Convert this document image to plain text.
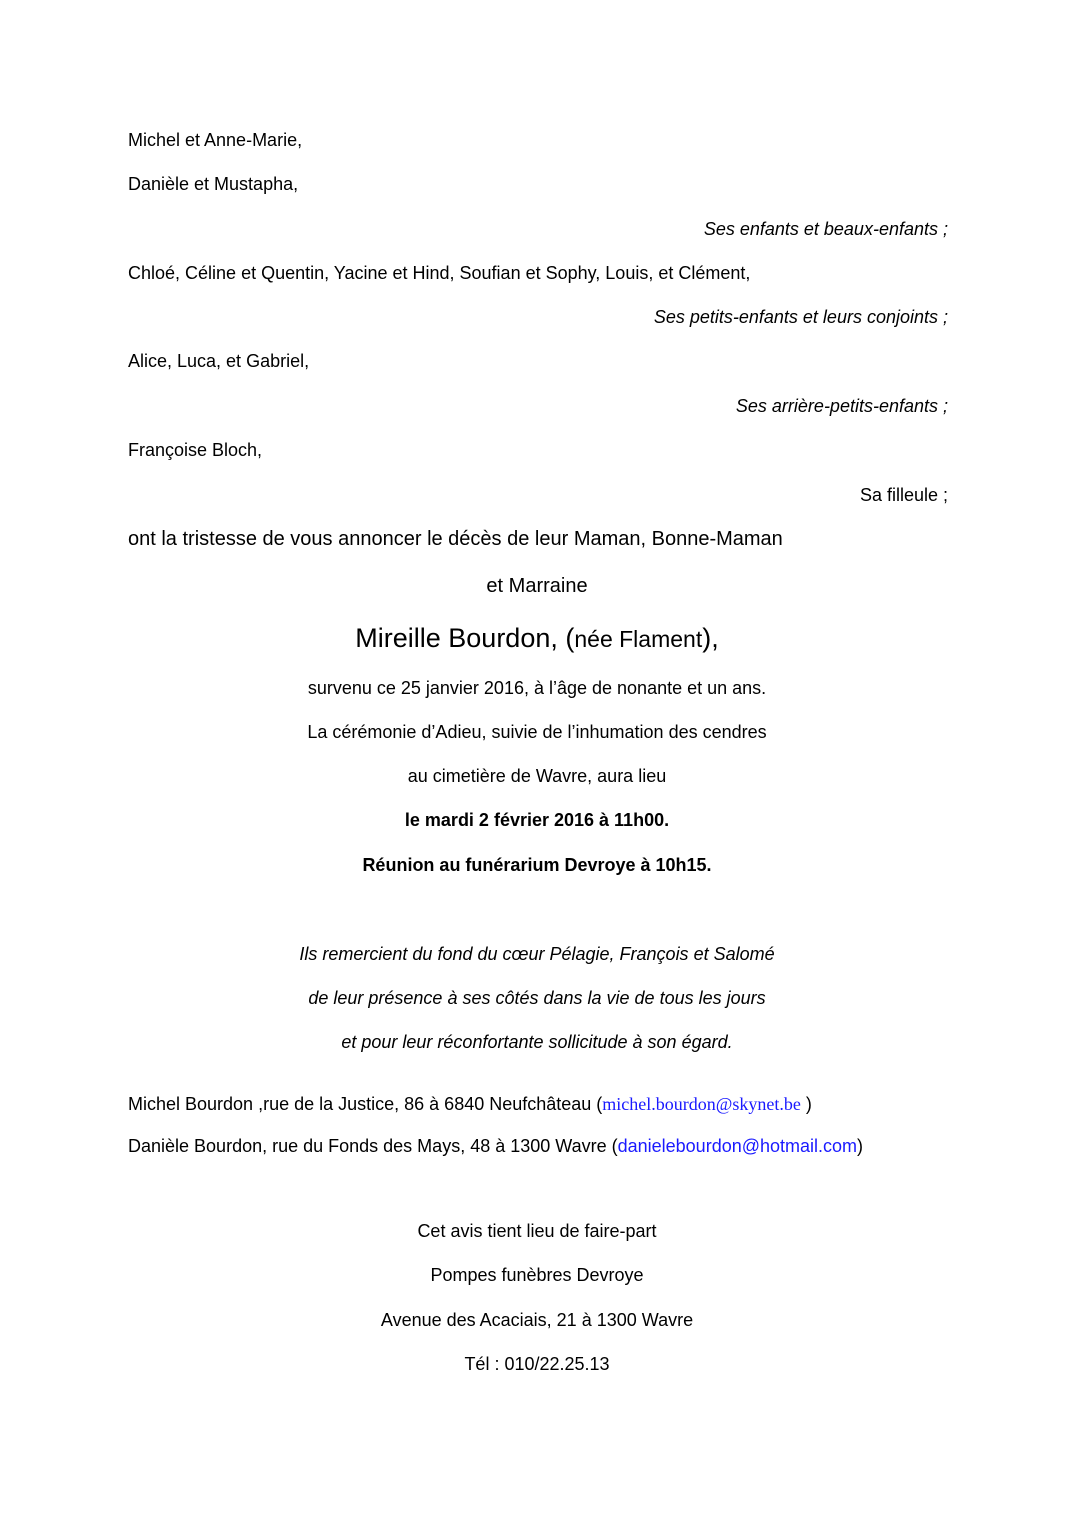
Michel et Anne-Marie,
Danièle et Mustapha,
Ses enfants et beaux-enfants ;
Chloé, Céline et Quentin, Yacine et Hind, Soufian et Sophy, Louis, et Clément,
Ses petits-enfants et leurs conjoints ;
Alice, Luca, et Gabriel,
Ses arrière-petits-enfants ;
Françoise Bloch,
Sa filleule ;
ont la tristesse de vous annoncer le décès de leur Maman, Bonne-Maman
et Marraine
Mireille Bourdon, (née Flament),
survenu ce 25 janvier 2016, à l’âge de nonante et un ans.
La cérémonie d’Adieu, suivie de l’inhumation des cendres
au cimetière de Wavre, aura lieu
le mardi 2 février 2016 à 11h00.
Réunion au funérarium Devroye à 10h15.
Ils remercient du fond du cœur Pélagie, François et Salomé
de leur présence à ses côtés dans la vie de tous les jours
et pour leur réconfortante sollicitude à son égard.
Michel Bourdon ,rue de la Justice, 86 à 6840 Neufchâteau (michel.bourdon@skynet.be )
Danièle Bourdon, rue du Fonds des Mays, 48 à 1300 Wavre (danielebourdon@hotmail.com)
Cet avis tient lieu de faire-part
Pompes funèbres Devroye
Avenue des Acaciais, 21 à 1300 Wavre
Tél : 010/22.25.13
